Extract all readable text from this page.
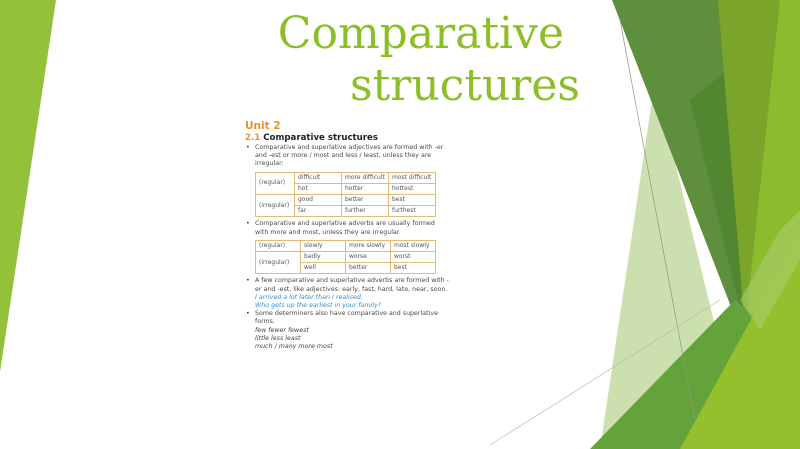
Comparative
structures
Unit 2
2.1 Comparative structures
• Comparative and superlative adjectives are formed with -er and -est or more / most and less / least, unless they are irregular:
(regular)	difficult	more difficult	most difficult
	hot	hotter	hottest
(irregular)	good	better	best
	far	further	furthest
• Comparative and superlative adverbs are usually formed with more and most, unless they are irregular.
(regular)	slowly	more slowly	most slowly
(irregular)	badly	worse	worst
	well	better	best
• A few comparative and superlative adverbs are formed with -er and -est, like adjectives: early, fast, hard, late, near, soon.
I arrived a lot later than I realised.
Who gets up the earliest in your family?
• Some determiners also have comparative and superlative forms.
few fewer fewest
little less least
much / many more most
